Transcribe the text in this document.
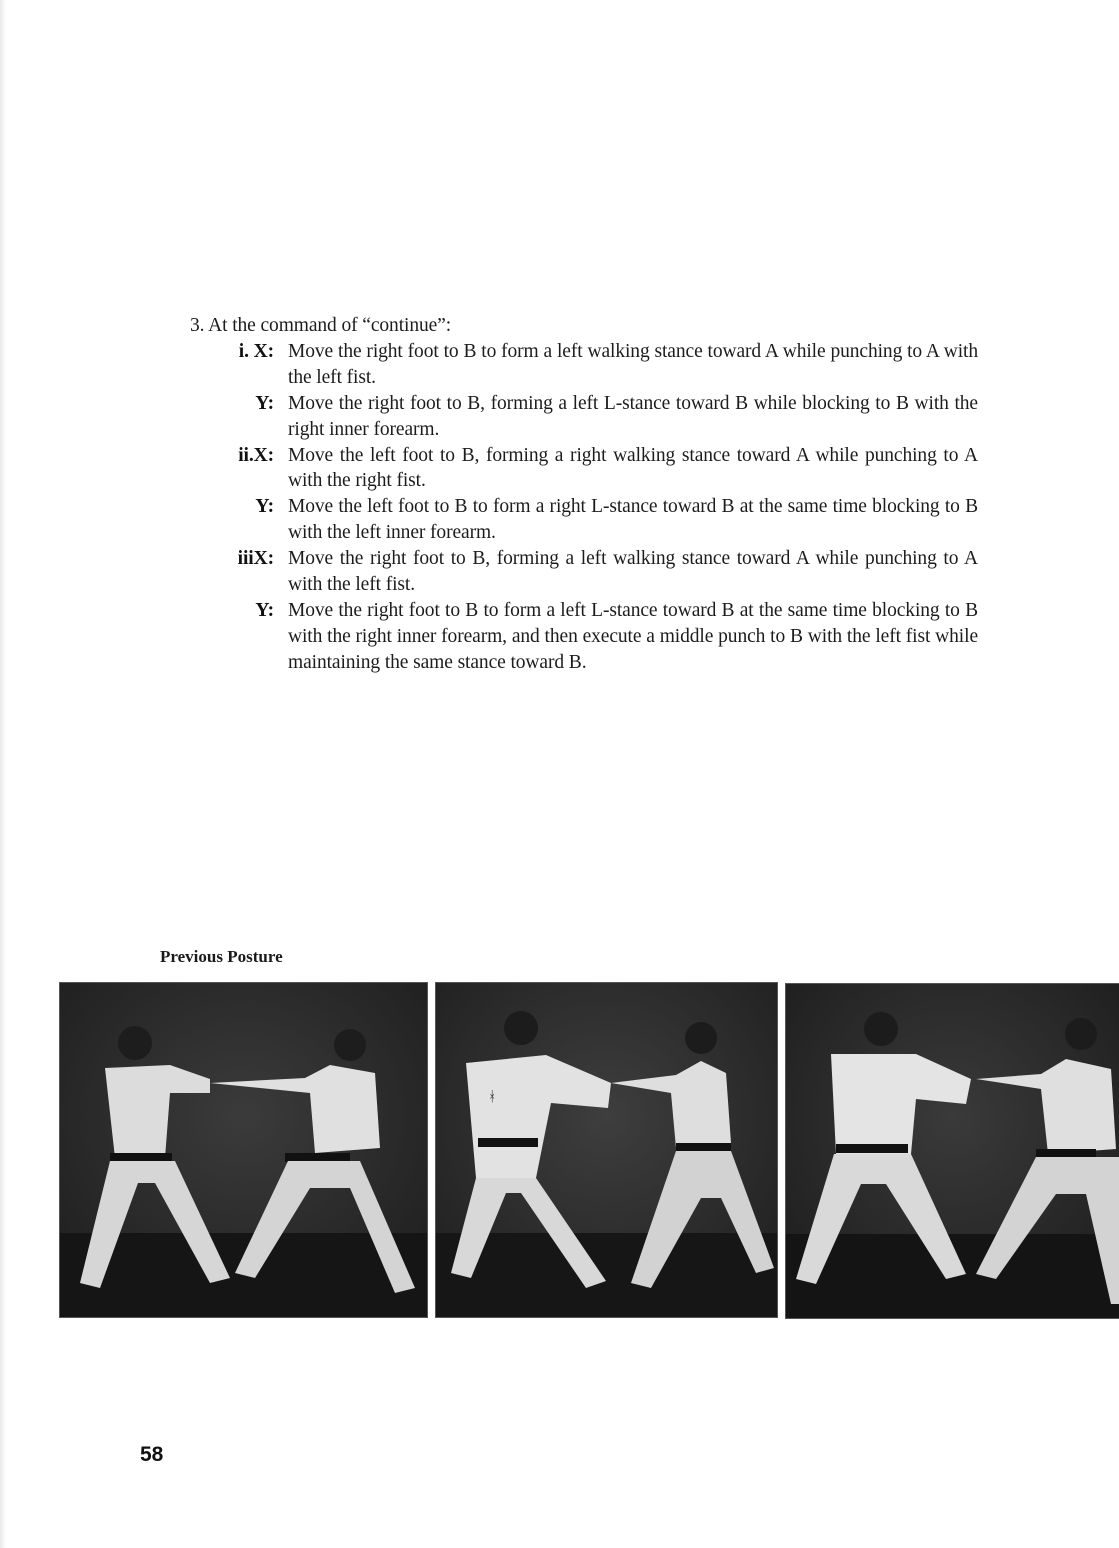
3. At the command of “continue”:
i. X: Move the right foot to B to form a left walking stance toward A while punching to A with the left fist.
Y: Move the right foot to B, forming a left L-stance toward B while blocking to B with the right inner forearm.
ii.X: Move the left foot to B, forming a right walking stance toward A while punching to A with the right fist.
Y: Move the left foot to B to form a right L-stance toward B at the same time blocking to B with the left inner forearm.
iiiX: Move the right foot to B, forming a left walking stance toward A while punching to A with the left fist.
Y: Move the right foot to B to form a left L-stance toward B at the same time blocking to B with the right inner forearm, and then execute a middle punch to B with the left fist while maintaining the same stance toward B.
Previous Posture
ᚼ
58
